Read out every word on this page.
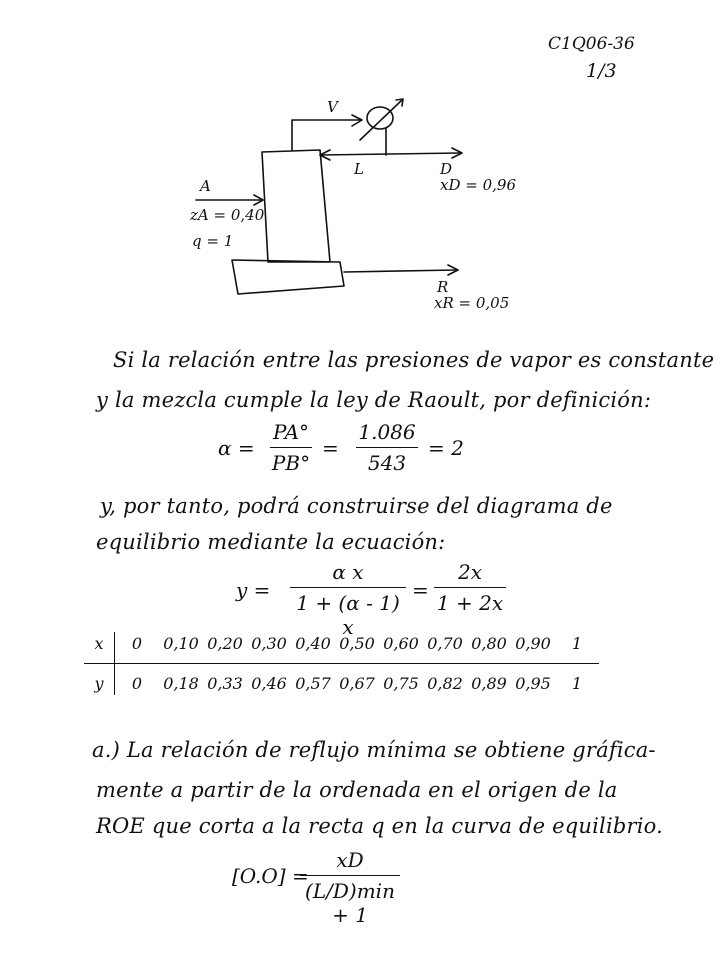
C1Q06-36
1/3
V
L
A
zA = 0,40
q = 1
D
xD = 0,96
R
xR = 0,05
Si la relación entre las presiones de vapor es constante
y la mezcla cumple la ley de Raoult, por definición:
α =
PA°
PB°
=
1.086
543
= 2
y, por tanto, podrá construirse del diagrama de
equilibrio mediante la ecuación:
y =
α x
1 + (α - 1) x
=
2x
1 + 2x
x	0	0,10	0,20	0,30	0,40	0,50	0,60	0,70	0,80	0,90	1
y	0	0,18	0,33	0,46	0,57	0,67	0,75	0,82	0,89	0,95	1
a.) La relación de reflujo mínima se obtiene gráfica-
mente a partir de la ordenada en el origen de la
ROE que corta a la recta q en la curva de equilibrio.
[O.O] =
xD
(L/D)min + 1
